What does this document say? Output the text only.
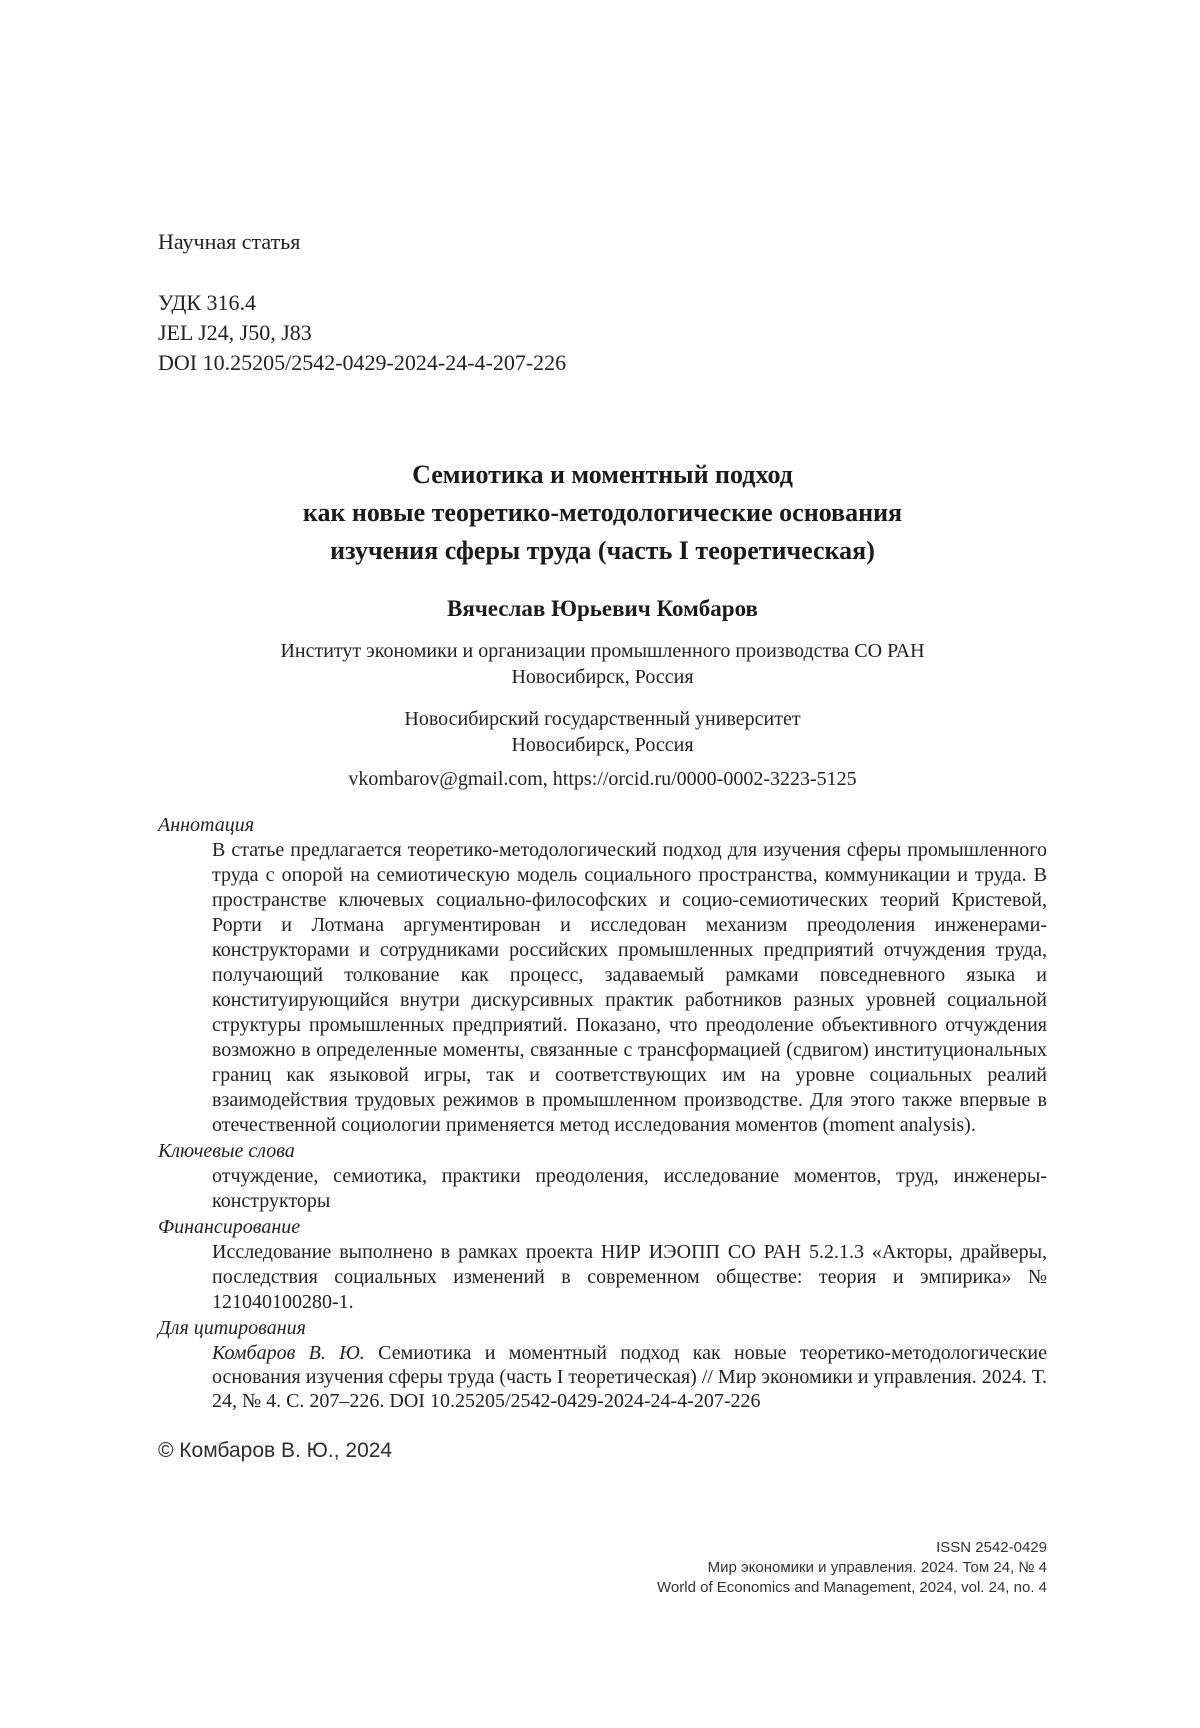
Научная статья

УДК 316.4

JEL J24, J50, J83

DOI 10.25205/2542-0429-2024-24-4-207-226

Семиотика и моментный подход
как новые теоретико-методологические основания
изучения сферы труда (часть I теоретическая)

Вячеслав Юрьевич Комбаров

Институт экономики и организации промышленного производства СО РАН

Новосибирск, Россия

Новосибирский государственный университет

Новосибирск, Россия

vkombarov@gmail.com, https://orcid.ru/0000-0002-3223-5125

Аннотация

В статье предлагается теоретико-методологический подход для изучения сферы промышленного труда с опорой на семиотическую модель социального пространства, коммуникации и труда. В пространстве ключевых социально-философских и социо-семиотических теорий Кристевой, Рорти и Лотмана аргументирован и исследован механизм преодоления инженерами-конструкторами и сотрудниками российских промышленных предприятий отчуждения труда, получающий толкование как процесс, задаваемый рамками повседневного языка и конституирующийся внутри дискурсивных практик работников разных уровней социальной структуры промышленных предприятий. Показано, что преодоление объективного отчуждения возможно в определенные моменты, связанные с трансформацией (сдвигом) институциональных границ как языковой игры, так и соответствующих им на уровне социальных реалий взаимодействия трудовых режимов в промышленном производстве. Для этого также впервые в отечественной социологии применяется метод исследования моментов (moment analysis).

Ключевые слова

отчуждение, семиотика, практики преодоления, исследование моментов, труд, инженеры-конструкторы

Финансирование

Исследование выполнено в рамках проекта НИР ИЭОПП СО РАН 5.2.1.3 «Акторы, драйверы, последствия социальных изменений в современном обществе: теория и эмпирика» № 121040100280-1.

Для цитирования

Комбаров В. Ю. Семиотика и моментный подход как новые теоретико-методологические основания изучения сферы труда (часть I теоретическая) // Мир экономики и управления. 2024. Т. 24, № 4. С. 207–226. DOI 10.25205/2542-0429-2024-24-4-207-226

© Комбаров В. Ю., 2024

ISSN 2542-0429

Мир экономики и управления. 2024. Том 24, № 4

World of Economics and Management, 2024, vol. 24, no. 4
